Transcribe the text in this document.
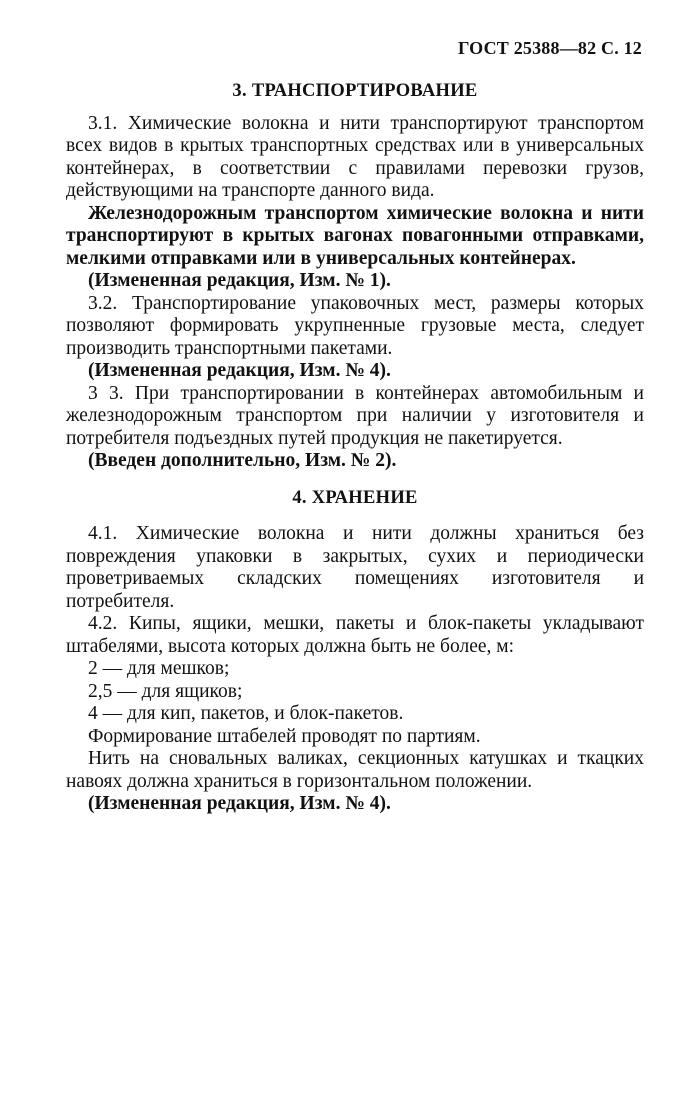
ГОСТ 25388—82 С. 12
3. ТРАНСПОРТИРОВАНИЕ

3.1. Химические волокна и нити транспортируют транспортом всех видов в крытых транспортных средствах или в универсальных контейнерах, в соответствии с правилами перевозки грузов, действующими на транспорте данного вида.

Железнодорожным транспортом химические волокна и нити транспортируют в крытых вагонах повагонными отправками, мелкими отправками или в универсальных контейнерах.

(Измененная редакция, Изм. № 1).

3.2. Транспортирование упаковочных мест, размеры которых позволяют формировать укрупненные грузовые места, следует производить транспортными пакетами.

(Измененная редакция, Изм. № 4).

3 3. При транспортировании в контейнерах автомобильным и железнодорожным транспортом при наличии у изготовителя и потребителя подъездных путей продукция не пакетируется.

(Введен дополнительно, Изм. № 2).

4. ХРАНЕНИЕ

4.1. Химические волокна и нити должны храниться без повреждения упаковки в закрытых, сухих и периодически проветриваемых складских помещениях изготовителя и потребителя.

4.2. Кипы, ящики, мешки, пакеты и блок-пакеты укладывают штабелями, высота которых должна быть не более, м:

2 — для мешков;

2,5 — для ящиков;

4 — для кип, пакетов, и блок-пакетов.

Формирование штабелей проводят по партиям.

Нить на сновальных валиках, секционных катушках и ткацких навоях должна храниться в горизонтальном положении.

(Измененная редакция, Изм. № 4).
